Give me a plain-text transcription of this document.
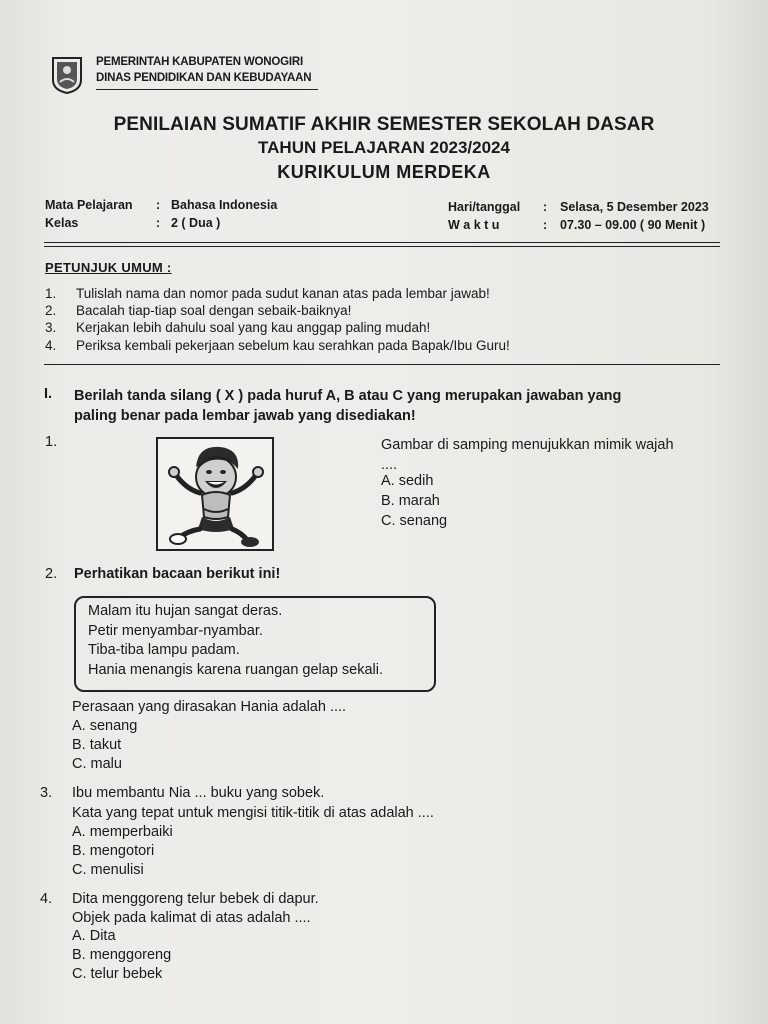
PEMERINTAH KABUPATEN WONOGIRI
DINAS PENDIDIKAN DAN KEBUDAYAAN
PENILAIAN SUMATIF AKHIR SEMESTER SEKOLAH DASAR
TAHUN PELAJARAN 2023/2024
KURIKULUM MERDEKA
Mata Pelajaran : Bahasa Indonesia
Kelas	: 2 ( Dua )
Hari/tanggal : Selasa, 5 Desember 2023
W a k t u	: 07.30 – 09.00 ( 90 Menit )
PETUNJUK UMUM :
1. Tulislah nama dan nomor pada sudut kanan atas pada lembar jawab!
2. Bacalah tiap-tiap soal dengan sebaik-baiknya!
3. Kerjakan lebih dahulu soal yang kau anggap paling mudah!
4. Periksa kembali pekerjaan sebelum kau serahkan pada Bapak/Ibu Guru!
I. Berilah tanda silang ( X ) pada huruf A, B atau C yang merupakan jawaban yang
paling benar pada lembar jawab yang disediakan!
1.	Gambar di samping menujukkan mimik wajah
....
A. sedih
B. marah
C. senang
2. Perhatikan bacaan berikut ini!
Malam itu hujan sangat deras.
Petir menyambar-nyambar.
Tiba-tiba lampu padam.
Hania menangis karena ruangan gelap sekali.
Perasaan yang dirasakan Hania adalah ....
A. senang
B. takut
C. malu
3. Ibu membantu Nia ... buku yang sobek.
Kata yang tepat untuk mengisi titik-titik di atas adalah ....
A. memperbaiki
B. mengotori
C. menulisi
4. Dita menggoreng telur bebek di dapur.
Objek pada kalimat di atas adalah ....
A. Dita
B. menggoreng
C. telur bebek
